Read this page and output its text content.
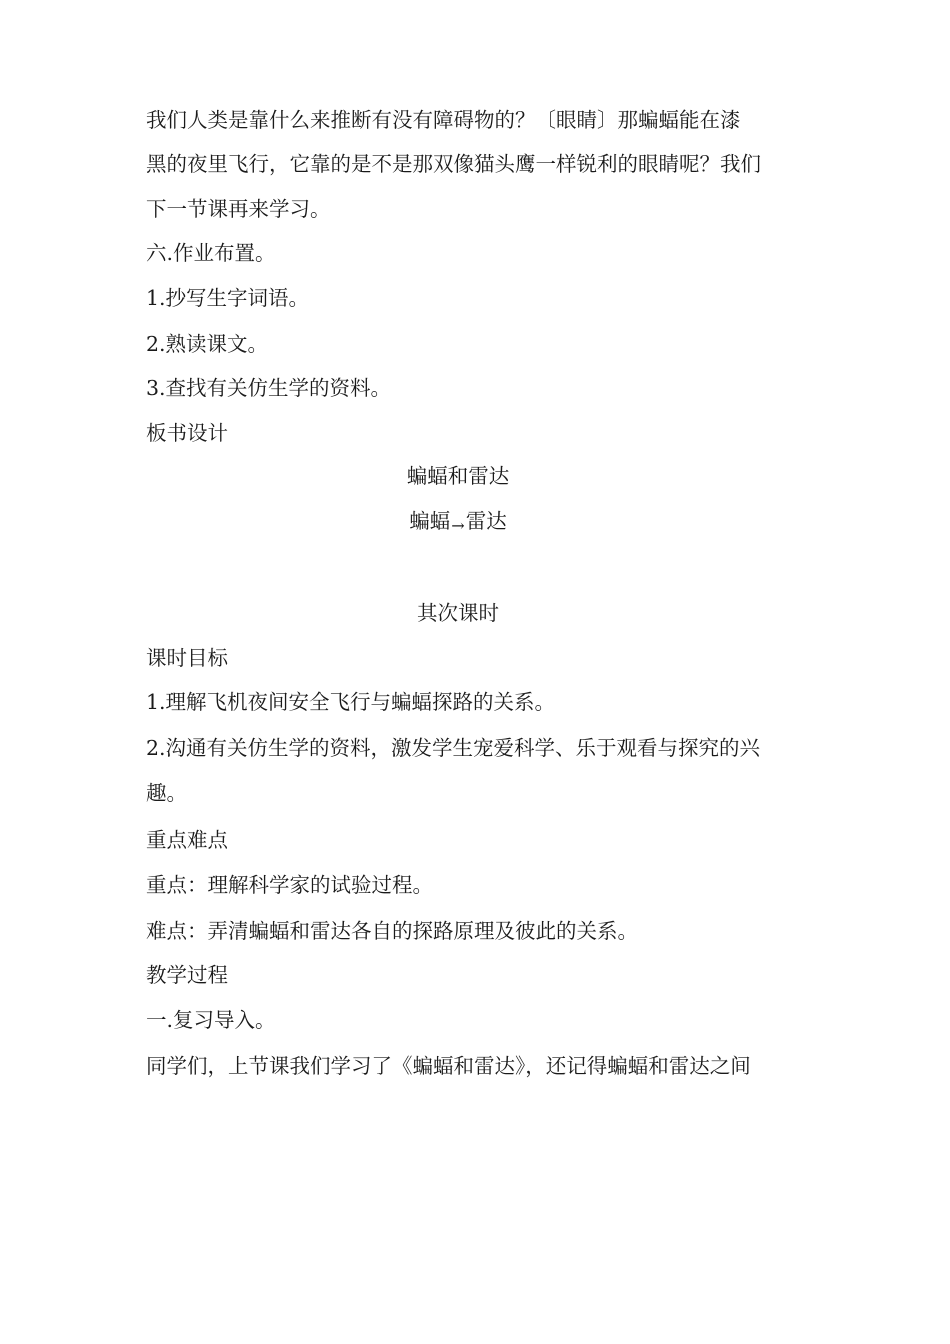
我们人类是靠什么来推断有没有障碍物的？〔眼睛〕那蝙蝠能在漆
黑的夜里飞行，它靠的是不是那双像猫头鹰一样锐利的眼睛呢？我们
下一节课再来学习。
六.作业布置。
1.抄写生字词语。
2.熟读课文。
3.查找有关仿生学的资料。
板书设计
蝙蝠和雷达
蝙蝠→雷达
其次课时
课时目标
1.理解飞机夜间安全飞行与蝙蝠探路的关系。
2.沟通有关仿生学的资料，激发学生宠爱科学、乐于观看与探究的兴
趣。
重点难点
重点：理解科学家的试验过程。
难点：弄清蝙蝠和雷达各自的探路原理及彼此的关系。
教学过程
一.复习导入。
同学们，上节课我们学习了《蝙蝠和雷达》，还记得蝙蝠和雷达之间
